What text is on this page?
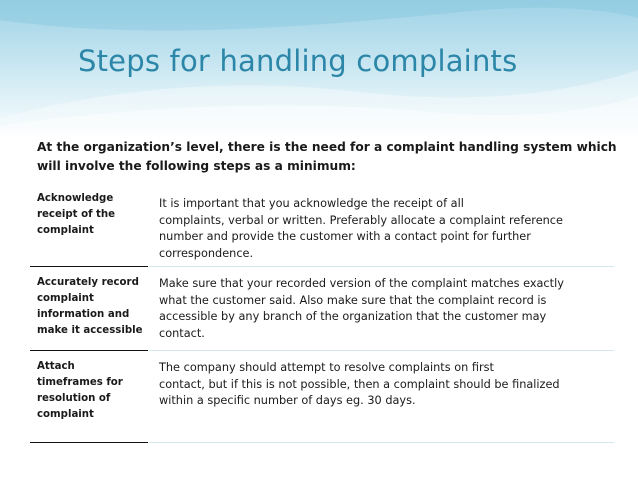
Steps for handling complaints
At the organization’s level, there is the need for a complaint handling system which
will involve the following steps as a minimum:
Acknowledge
receipt of the
complaint
It is important that you acknowledge the receipt of all
complaints, verbal or written. Preferably allocate a complaint reference
number and provide the customer with a contact point for further
correspondence.
Accurately record
complaint
information and
make it accessible
Make sure that your recorded version of the complaint matches exactly
what the customer said. Also make sure that the complaint record is
accessible by any branch of the organization that the customer may
contact.
Attach
timeframes for
resolution of
complaint
The company should attempt to resolve complaints on first
contact, but if this is not possible, then a complaint should be finalized
within a specific number of days eg. 30 days.
